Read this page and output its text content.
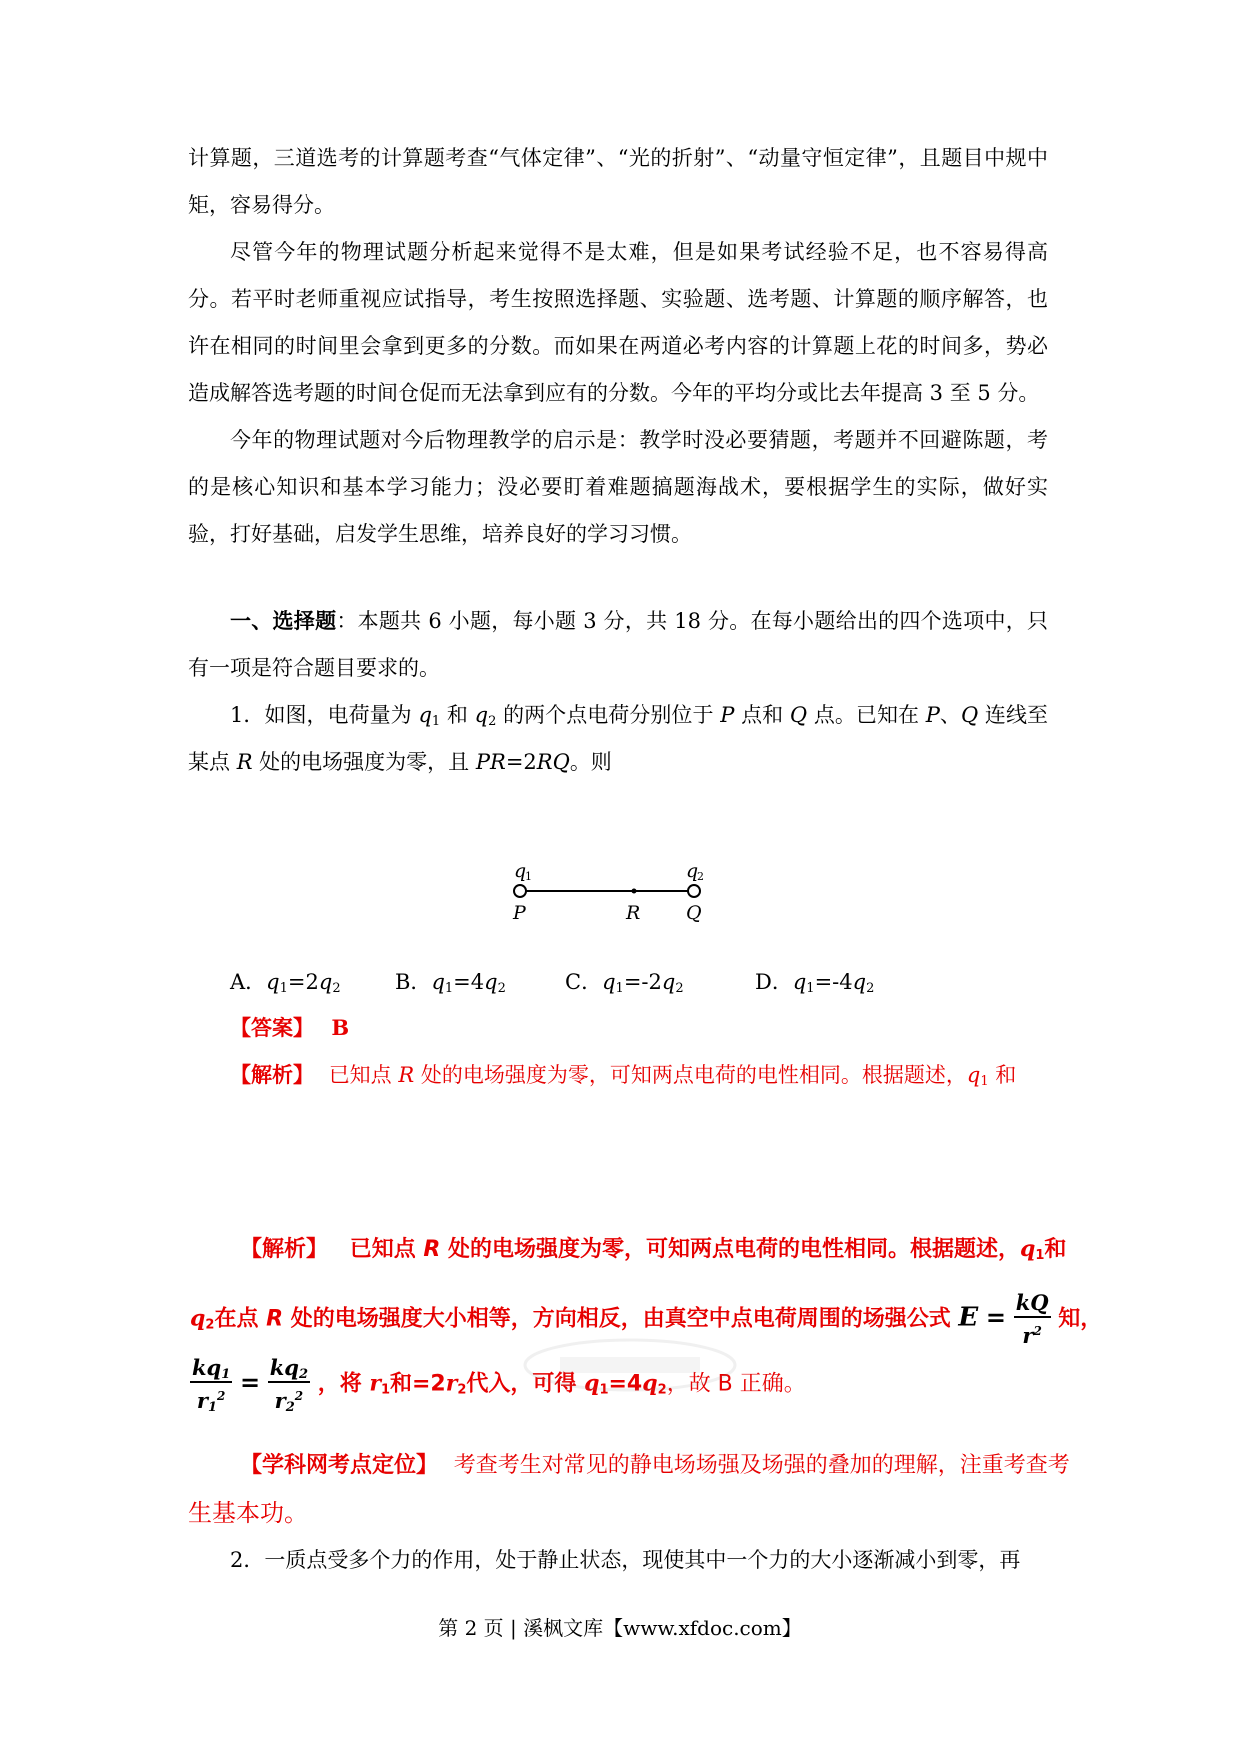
计算题，三道选考的计算题考查“气体定律”、“光的折射”、“动量守恒定律”，且题目中规中矩，容易得分。

尽管今年的物理试题分析起来觉得不是太难，但是如果考试经验不足，也不容易得高分。若平时老师重视应试指导，考生按照选择题、实验题、选考题、计算题的顺序解答，也许在相同的时间里会拿到更多的分数。而如果在两道必考内容的计算题上花的时间多，势必造成解答选考题的时间仓促而无法拿到应有的分数。今年的平均分或比去年提高 3 至 5 分。

今年的物理试题对今后物理教学的启示是：教学时没必要猜题，考题并不回避陈题，考的是核心知识和基本学习能力；没必要盯着难题搞题海战术，要根据学生的实际，做好实验，打好基础，启发学生思维，培养良好的学习习惯。

一、选择题：本题共 6 小题，每小题 3 分，共 18 分。在每小题给出的四个选项中，只有一项是符合题目要求的。

1．如图，电荷量为 $q_1$ 和 $q_2$ 的两个点电荷分别位于 P 点和 Q 点。已知在 P、Q 连线至某点 R 处的电场强度为零，且 PR=2RQ。则

q
1	q
2
P	R Q
A．$q_1=2q_2$	B．$q_1=4q_2$	C．$q_1=-2q_2$	D．$q_1=-4q_2$
【答案】 B
【解析】 已知点 R 处的电场强度为零，可知两点电荷的电性相同。根据题述，$q_1$ 和
【解析】 已知点 R 处的电场强度为零，可知两点电荷的电性相同。根据题述，$q_1$和
$q_2$在点 R 处的电场强度大小相等，方向相反，由真空中点电荷周围的场强公式 $E = \frac{kQ}{r^2}$ 知，
$\frac{kq_1}{r_1^2} = \frac{kq_2}{r_2^2}$ ，将 $r_1$和$=2r_2$代入，可得 $q_1=4q_2$，故 B 正确。
【学科网考点定位】 考查考生对常见的静电场场强及场强的叠加的理解，注重考查考
生基本功。

2．一质点受多个力的作用，处于静止状态，现使其中一个力的大小逐渐减小到零，再

第 2 页 | 溪枫文库【www.xfdoc.com】
